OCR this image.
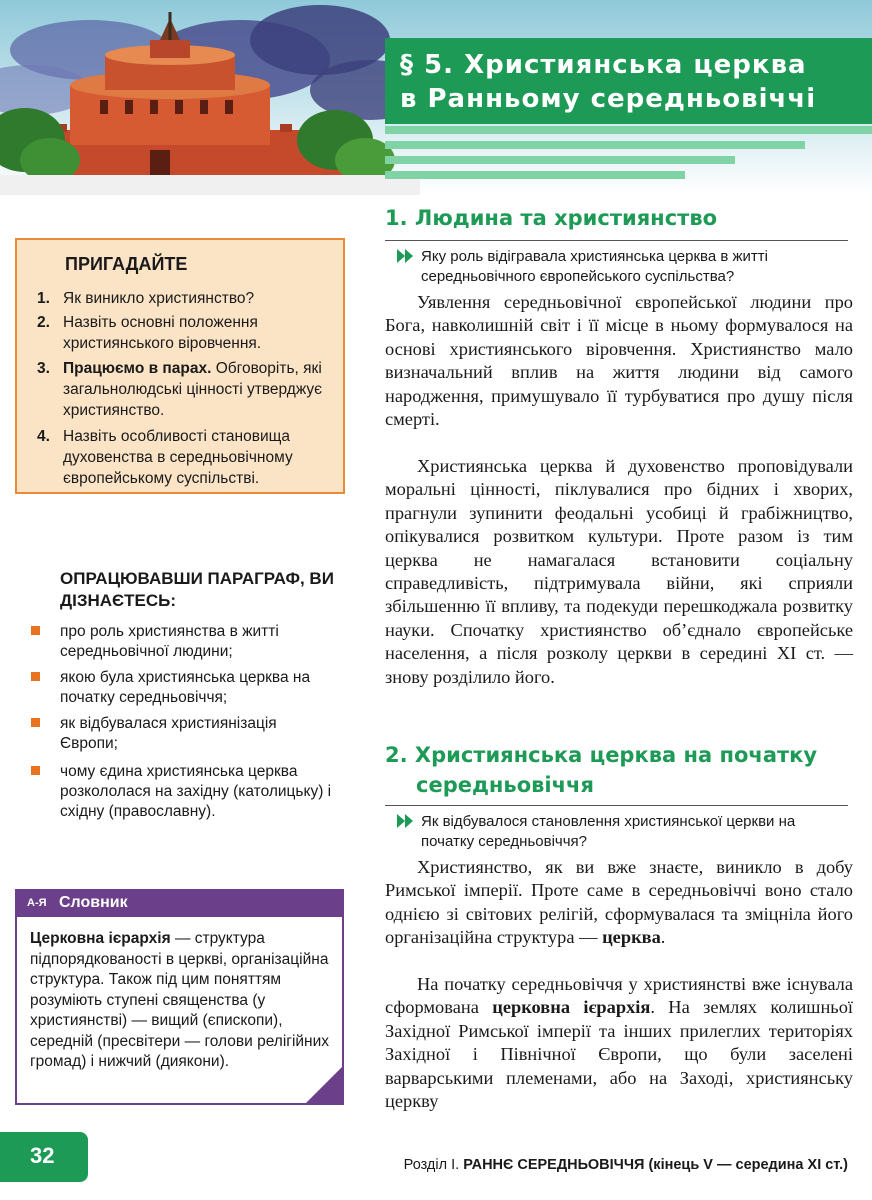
§ 5. Християнська церква
в Ранньому середньовіччі
ПРИГАДАЙТЕ
1. Як виникло християнство?
2. Назвіть основні положення християнського віровчення.
3. Працюємо в парах. Обговоріть, які загальнолюдські цінності утверджує християнство.
4. Назвіть особливості становища духовенства в середньовічному європейському суспільстві.
ОПРАЦЮВАВШИ ПАРАГРАФ, ВИ ДІЗНАЄТЕСЬ:
про роль християнства в житті середньовічної людини;
якою була християнська церква на початку середньовіччя;
як відбувалася християнізація Європи;
чому єдина християнська церква розкололася на західну (католицьку) і східну (православну).
А-Я Словник
Церковна ієрархія — структура підпорядкованості в церкві, організаційна структура. Також під цим поняттям розуміють ступені священства (у християнстві) — вищий (єпископи), середній (пресвітери — голови релігійних громад) і нижчий (диякони).
32
1. Людина та християнство
Яку роль відігравала християнська церква в житті середньовічного європейського суспільства?
Уявлення середньовічної європейської людини про Бога, навколишній світ і її місце в ньому формувалося на основі християнського віровчення. Християнство мало визначальний вплив на життя людини від самого народження, примушувало її турбуватися про душу після смерті.
Християнська церква й духовенство проповідували моральні цінності, піклувалися про бідних і хворих, прагнули зупинити феодальні усобиці й грабіжництво, опікувалися розвитком культури. Проте разом із тим церква не намагалася встановити соціальну справедливість, підтримувала війни, які сприяли збільшенню її впливу, та подекуди перешкоджала розвитку науки. Спочатку християнство об’єднало європейське населення, а після розколу церкви в середині XI ст. — знову розділило його.
2. Християнська церква на початку
середньовіччя
Як відбувалося становлення християнської церкви на початку середньовіччя?
Християнство, як ви вже знаєте, виникло в добу Римської імперії. Проте саме в середньовіччі воно стало однією зі світових релігій, сформувалася та зміцніла його організаційна структура — церква.
На початку середньовіччя у християнстві вже існувала сформована церковна ієрархія. На землях колишньої Західної Римської імперії та інших прилеглих територіях Західної і Північної Європи, що були заселені варварськими племенами, або на Заході, християнську церкву
Розділ І. РАННЄ СЕРЕДНЬОВІЧЧЯ (кінець V — середина XI ст.)
